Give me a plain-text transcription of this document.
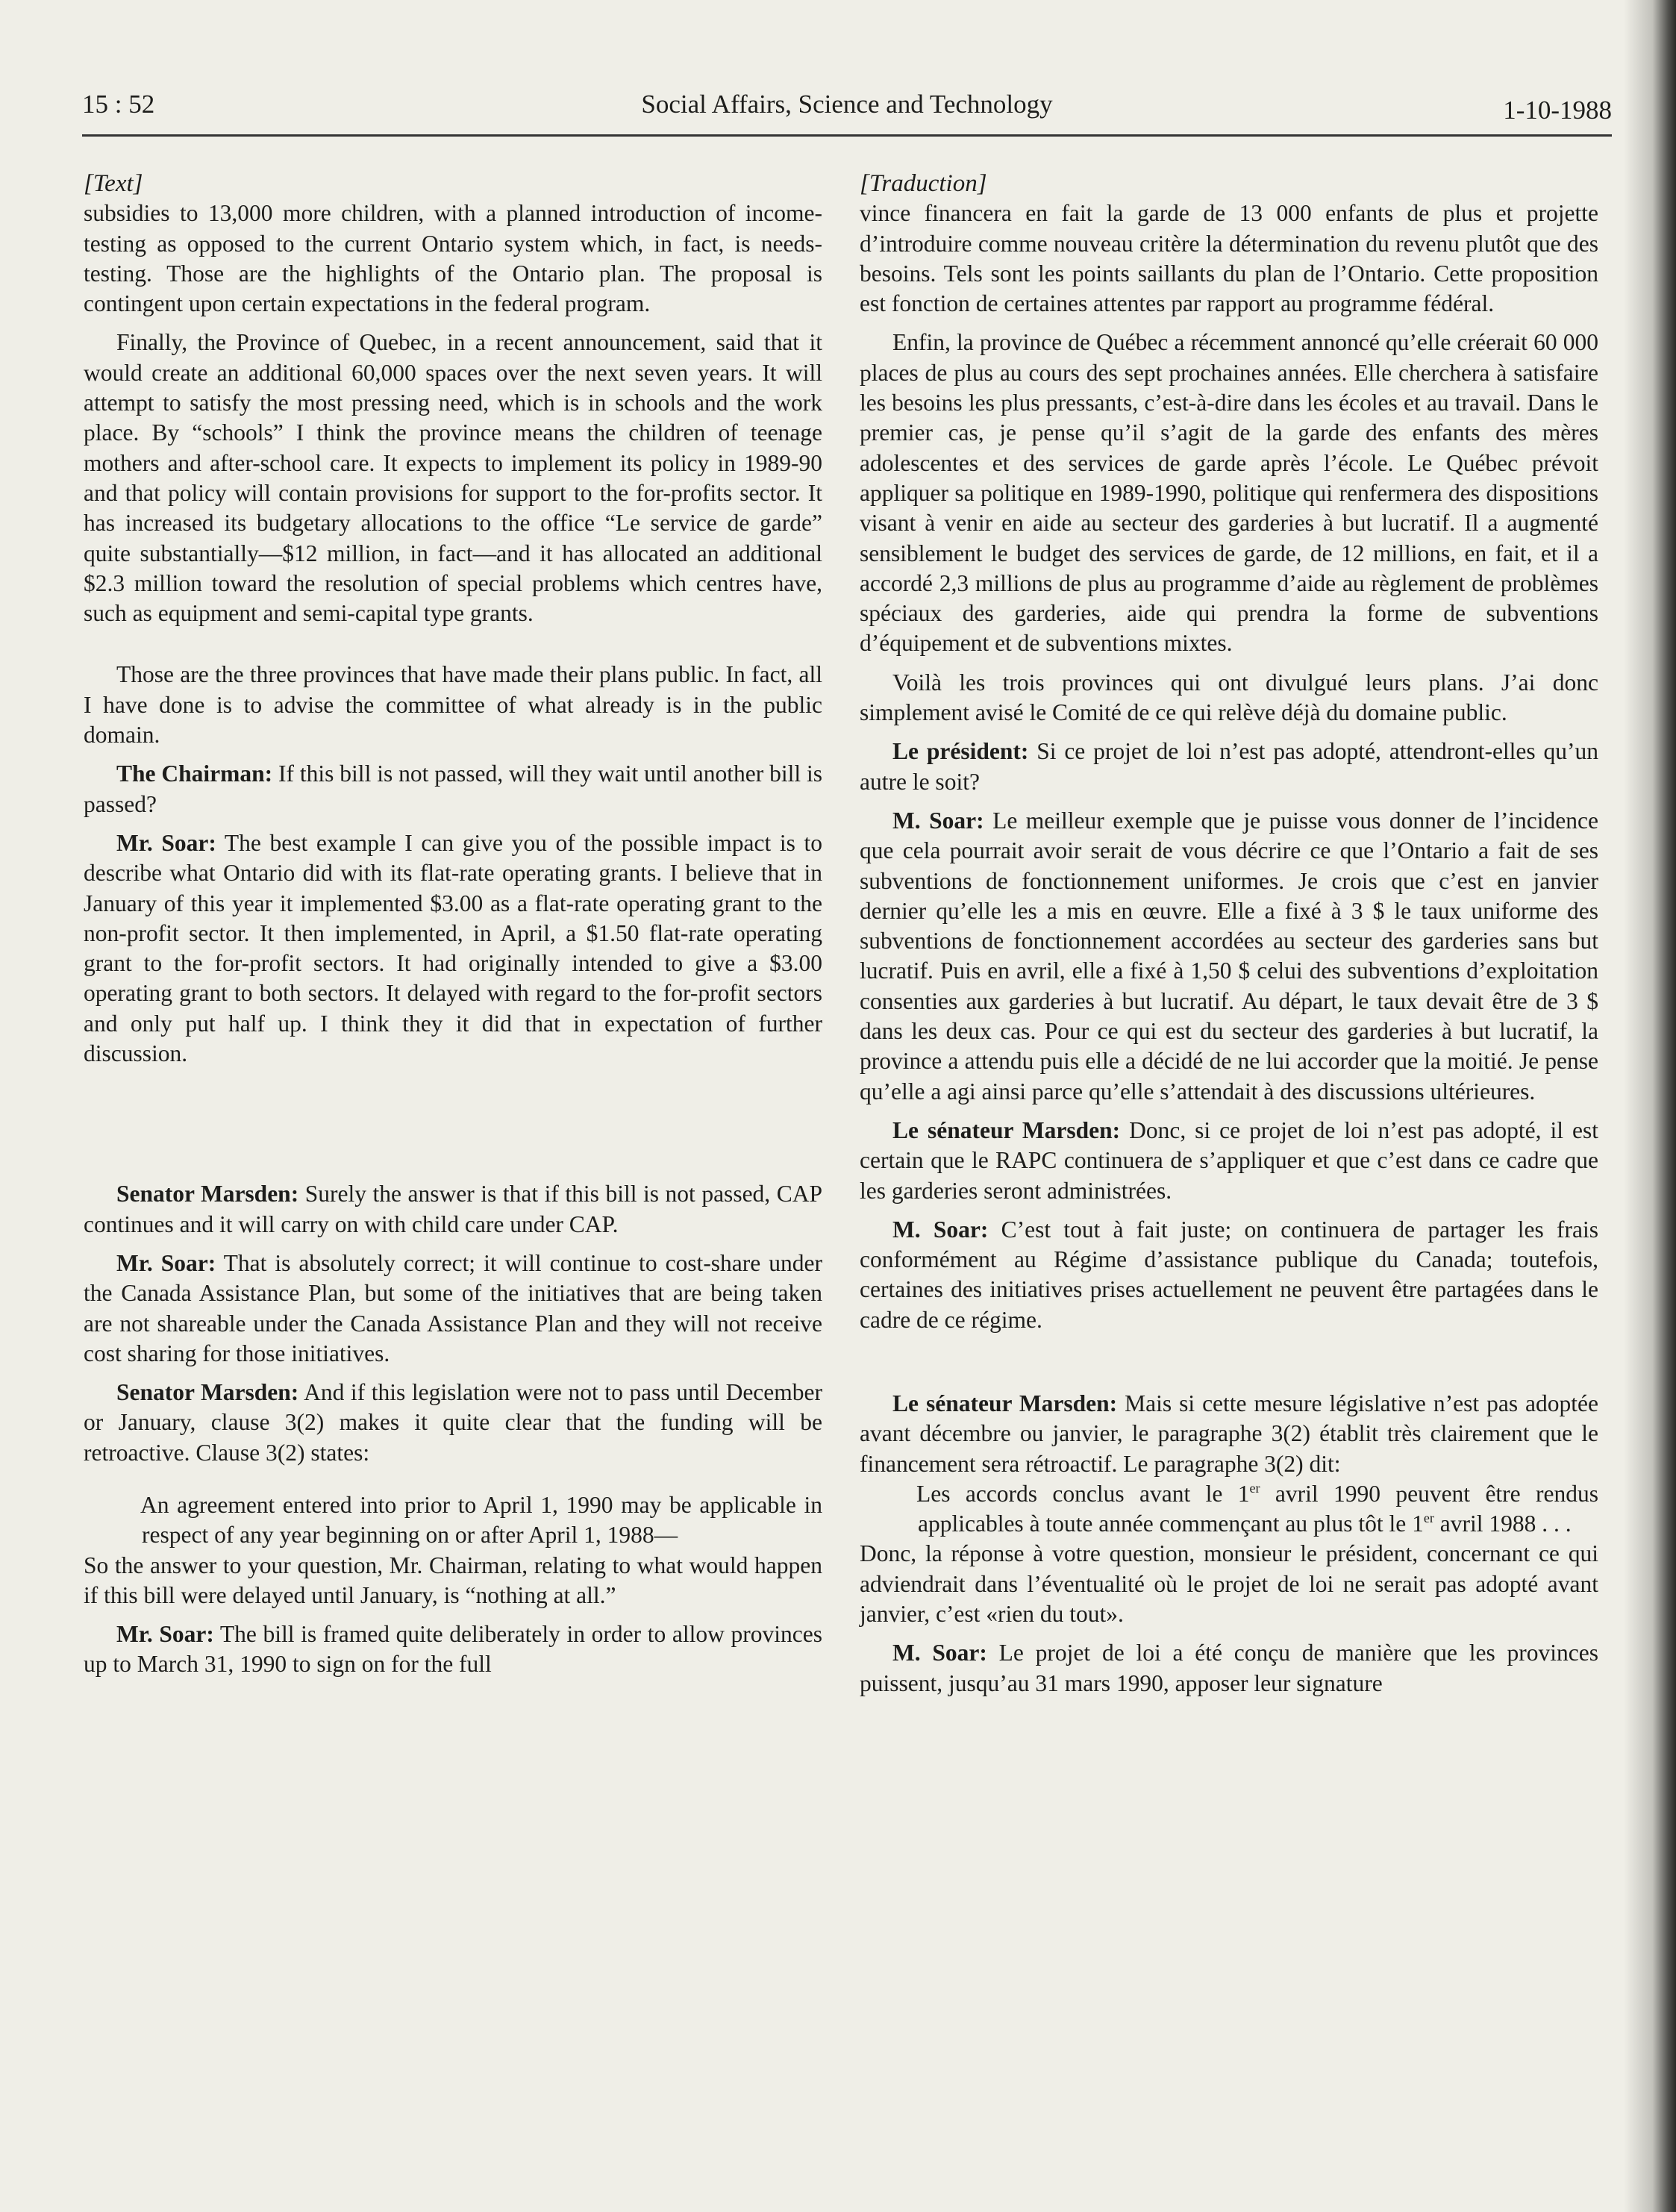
15 : 52	Social Affairs, Science and Technology	1-10-1988

[Text]

subsidies to 13,000 more children, with a planned introduction of income-testing as opposed to the current Ontario system which, in fact, is needs-testing. Those are the highlights of the Ontario plan. The proposal is contingent upon certain expectations in the federal program.

Finally, the Province of Quebec, in a recent announcement, said that it would create an additional 60,000 spaces over the next seven years. It will attempt to satisfy the most pressing need, which is in schools and the work place. By “schools” I think the province means the children of teenage mothers and after-school care. It expects to implement its policy in 1989-90 and that policy will contain provisions for support to the for-profits sector. It has increased its budgetary allocations to the office “Le service de garde” quite substantially—$12 million, in fact—and it has allocated an additional $2.3 million toward the resolution of special problems which centres have, such as equipment and semi-capital type grants.

Those are the three provinces that have made their plans public. In fact, all I have done is to advise the committee of what already is in the public domain.

The Chairman: If this bill is not passed, will they wait until another bill is passed?

Mr. Soar: The best example I can give you of the possible impact is to describe what Ontario did with its flat-rate operating grants. I believe that in January of this year it implemented $3.00 as a flat-rate operating grant to the non-profit sector. It then implemented, in April, a $1.50 flat-rate operating grant to the for-profit sectors. It had originally intended to give a $3.00 operating grant to both sectors. It delayed with regard to the for-profit sectors and only put half up. I think they it did that in expectation of further discussion.

Senator Marsden: Surely the answer is that if this bill is not passed, CAP continues and it will carry on with child care under CAP.

Mr. Soar: That is absolutely correct; it will continue to cost-share under the Canada Assistance Plan, but some of the initiatives that are being taken are not shareable under the Canada Assistance Plan and they will not receive cost sharing for those initiatives.

Senator Marsden: And if this legislation were not to pass until December or January, clause 3(2) makes it quite clear that the funding will be retroactive. Clause 3(2) states:

An agreement entered into prior to April 1, 1990 may be applicable in respect of any year beginning on or after April 1, 1988—

So the answer to your question, Mr. Chairman, relating to what would happen if this bill were delayed until January, is “nothing at all.”

Mr. Soar: The bill is framed quite deliberately in order to allow provinces up to March 31, 1990 to sign on for the full

[Traduction]

vince financera en fait la garde de 13 000 enfants de plus et projette d’introduire comme nouveau critère la détermination du revenu plutôt que des besoins. Tels sont les points saillants du plan de l’Ontario. Cette proposition est fonction de certaines attentes par rapport au programme fédéral.

Enfin, la province de Québec a récemment annoncé qu’elle créerait 60 000 places de plus au cours des sept prochaines années. Elle cherchera à satisfaire les besoins les plus pressants, c’est-à-dire dans les écoles et au travail. Dans le premier cas, je pense qu’il s’agit de la garde des enfants des mères adolescentes et des services de garde après l’école. Le Québec prévoit appliquer sa politique en 1989-1990, politique qui renfermera des dispositions visant à venir en aide au secteur des garderies à but lucratif. Il a augmenté sensiblement le budget des services de garde, de 12 millions, en fait, et il a accordé 2,3 millions de plus au programme d’aide au règlement de problèmes spéciaux des garderies, aide qui prendra la forme de subventions d’équipement et de subventions mixtes.

Voilà les trois provinces qui ont divulgué leurs plans. J’ai donc simplement avisé le Comité de ce qui relève déjà du domaine public.

Le président: Si ce projet de loi n’est pas adopté, attendront-elles qu’un autre le soit?

M. Soar: Le meilleur exemple que je puisse vous donner de l’incidence que cela pourrait avoir serait de vous décrire ce que l’Ontario a fait de ses subventions de fonctionnement uniformes. Je crois que c’est en janvier dernier qu’elle les a mis en œuvre. Elle a fixé à 3 $ le taux uniforme des subventions de fonctionnement accordées au secteur des garderies sans but lucratif. Puis en avril, elle a fixé à 1,50 $ celui des subventions d’exploitation consenties aux garderies à but lucratif. Au départ, le taux devait être de 3 $ dans les deux cas. Pour ce qui est du secteur des garderies à but lucratif, la province a attendu puis elle a décidé de ne lui accorder que la moitié. Je pense qu’elle a agi ainsi parce qu’elle s’attendait à des discussions ultérieures.

Le sénateur Marsden: Donc, si ce projet de loi n’est pas adopté, il est certain que le RAPC continuera de s’appliquer et que c’est dans ce cadre que les garderies seront administrées.

M. Soar: C’est tout à fait juste; on continuera de partager les frais conformément au Régime d’assistance publique du Canada; toutefois, certaines des initiatives prises actuellement ne peuvent être partagées dans le cadre de ce régime.

Le sénateur Marsden: Mais si cette mesure législative n’est pas adoptée avant décembre ou janvier, le paragraphe 3(2) établit très clairement que le financement sera rétroactif. Le paragraphe 3(2) dit:

Les accords conclus avant le 1er avril 1990 peuvent être rendus applicables à toute année commençant au plus tôt le 1er avril 1988 . . .

Donc, la réponse à votre question, monsieur le président, concernant ce qui adviendrait dans l’éventualité où le projet de loi ne serait pas adopté avant janvier, c’est «rien du tout».

M. Soar: Le projet de loi a été conçu de manière que les provinces puissent, jusqu’au 31 mars 1990, apposer leur signature
